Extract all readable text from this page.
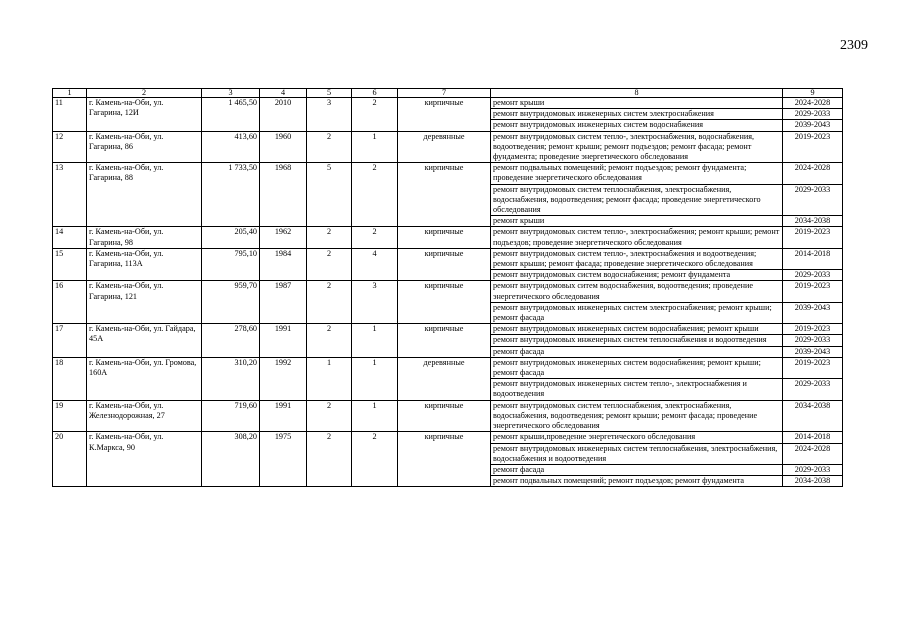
2309
1	2	3	4	5	6	7	8	9
11	г. Камень-на-Оби, ул. Гагарина, 12И	1 465,50	2010	3	2	кирпичные	ремонт крыши	2024-2028
							ремонт внутридомовых инженерных систем электроснабжения	2029-2033
							ремонт внутридомовых инженерных систем водоснабжения	2039-2043
12	г. Камень-на-Оби, ул. Гагарина, 86	413,60	1960	2	1	деревянные	ремонт внутридомовых систем тепло-, электроснабжения, водоснабжения, водоотведения; ремонт крыши; ремонт подъездов; ремонт фасада; ремонт фундамента; проведение энергетического обследования	2019-2023
13	г. Камень-на-Оби, ул. Гагарина, 88	1 733,50	1968	5	2	кирпичные	ремонт подвальных помещений; ремонт подъездов; ремонт фундамента; проведение энергетического обследования	2024-2028
							ремонт внутридомовых систем теплоснабжения, электроснабжения, водоснабжения, водоотведения; ремонт фасада; проведение энергетического обследования	2029-2033
							ремонт крыши	2034-2038
14	г. Камень-на-Оби, ул. Гагарина, 98	205,40	1962	2	2	кирпичные	ремонт внутридомовых систем тепло-, электроснабжения; ремонт крыши; ремонт подъездов; проведение энергетического обследования	2019-2023
15	г. Камень-на-Оби, ул. Гагарина, 113А	795,10	1984	2	4	кирпичные	ремонт внутридомовых систем тепло-, электроснабжения и водоотведения; ремонт крыши; ремонт фасада; проведение энергетического обследования	2014-2018
							ремонт внутридомовых систем водоснабжения; ремонт фундамента	2029-2033
16	г. Камень-на-Оби, ул. Гагарина, 121	959,70	1987	2	3	кирпичные	ремонт внутридомовых ситем водоснабжения, водоотведения; проведение энергетического обследования	2019-2023
							ремонт внутридомовых инженерных систем электроснабжения; ремонт крыши; ремонт фасада	2039-2043
17	г. Камень-на-Оби, ул. Гайдара, 45А	278,60	1991	2	1	кирпичные	ремонт внутридомовых инженерных систем водоснабжения; ремонт крыши	2019-2023
							ремонт внутридомовых инженерных систем теплоснабжения и водоотведения	2029-2033
							ремонт фасада	2039-2043
18	г. Камень-на-Оби, ул. Громова, 160А	310,20	1992	1	1	деревянные	ремонт внутридомовых инженерных систем водоснабжения; ремонт крыши; ремонт фасада	2019-2023
							ремонт внутридомовых инженерных систем тепло-, электроснабжения и водоотведения	2029-2033
19	г. Камень-на-Оби, ул. Железнодорожная, 27	719,60	1991	2	1	кирпичные	ремонт внутридомовых систем теплоснабжения, электроснабжения, водоснабжения, водоотведения; ремонт крыши; ремонт фасада; проведение энергетического обследования	2034-2038
20	г. Камень-на-Оби, ул. К.Маркса, 90	308,20	1975	2	2	кирпичные	ремонт крыши,проведение энергетического обследования	2014-2018
							ремонт внутридомовых инженерных систем теплоснабжения, электроснабжения, водоснабжения и водоотведения	2024-2028
							ремонт фасада	2029-2033
							ремонт подвальных помещений; ремонт подъездов; ремонт фундамента	2034-2038
